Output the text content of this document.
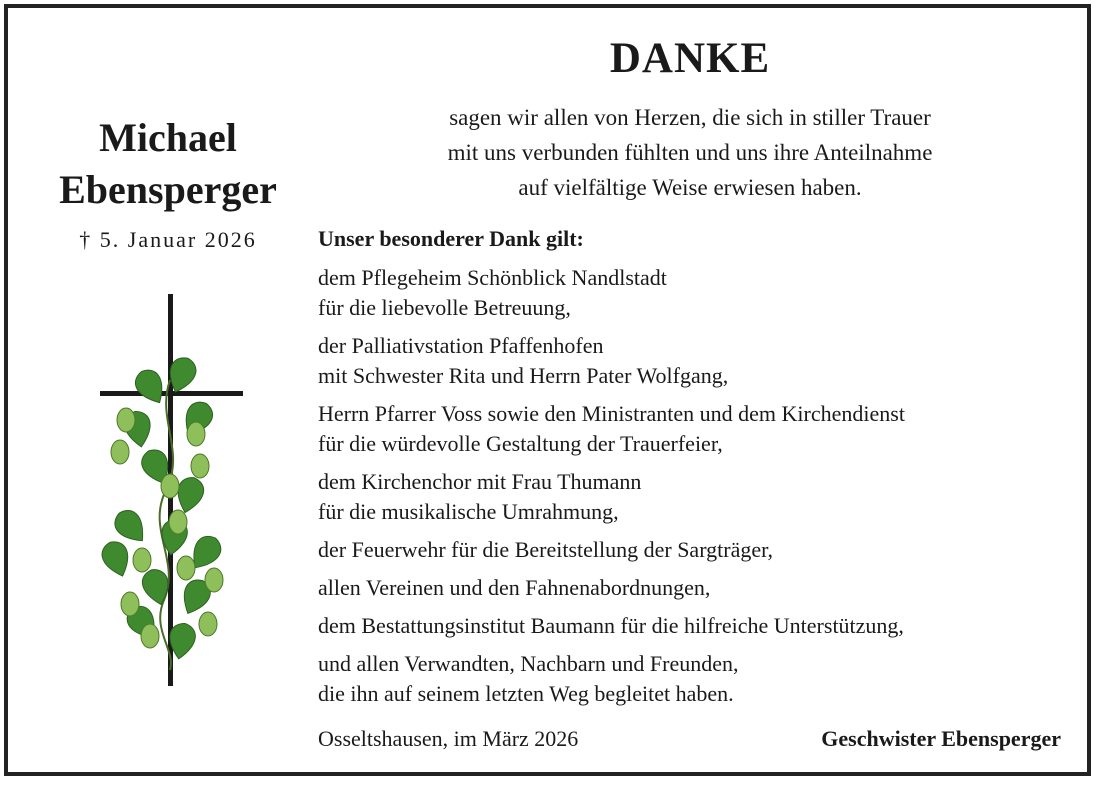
DANKE
sagen wir allen von Herzen, die sich in stiller Trauer
mit uns verbunden fühlten und uns ihre Anteilnahme
auf vielfältige Weise erwiesen haben.
Michael
Ebensperger
† 5. Januar 2026	Unser besonderer Dank gilt:
dem Pflegeheim Schönblick Nandlstadt
für die liebevolle Betreuung,
der Palliativstation Pfaffenhofen
mit Schwester Rita und Herrn Pater Wolfgang,
Herrn Pfarrer Voss sowie den Ministranten und dem Kirchendienst
für die würdevolle Gestaltung der Trauerfeier,
dem Kirchenchor mit Frau Thumann
für die musikalische Umrahmung,
der Feuerwehr für die Bereitstellung der Sargträger,
allen Vereinen und den Fahnenabordnungen,
dem Bestattungsinstitut Baumann für die hilfreiche Unterstützung,
und allen Verwandten, Nachbarn und Freunden,
die ihn auf seinem letzten Weg begleitet haben.
Osseltshausen, im März 2026	Geschwister Ebensperger
